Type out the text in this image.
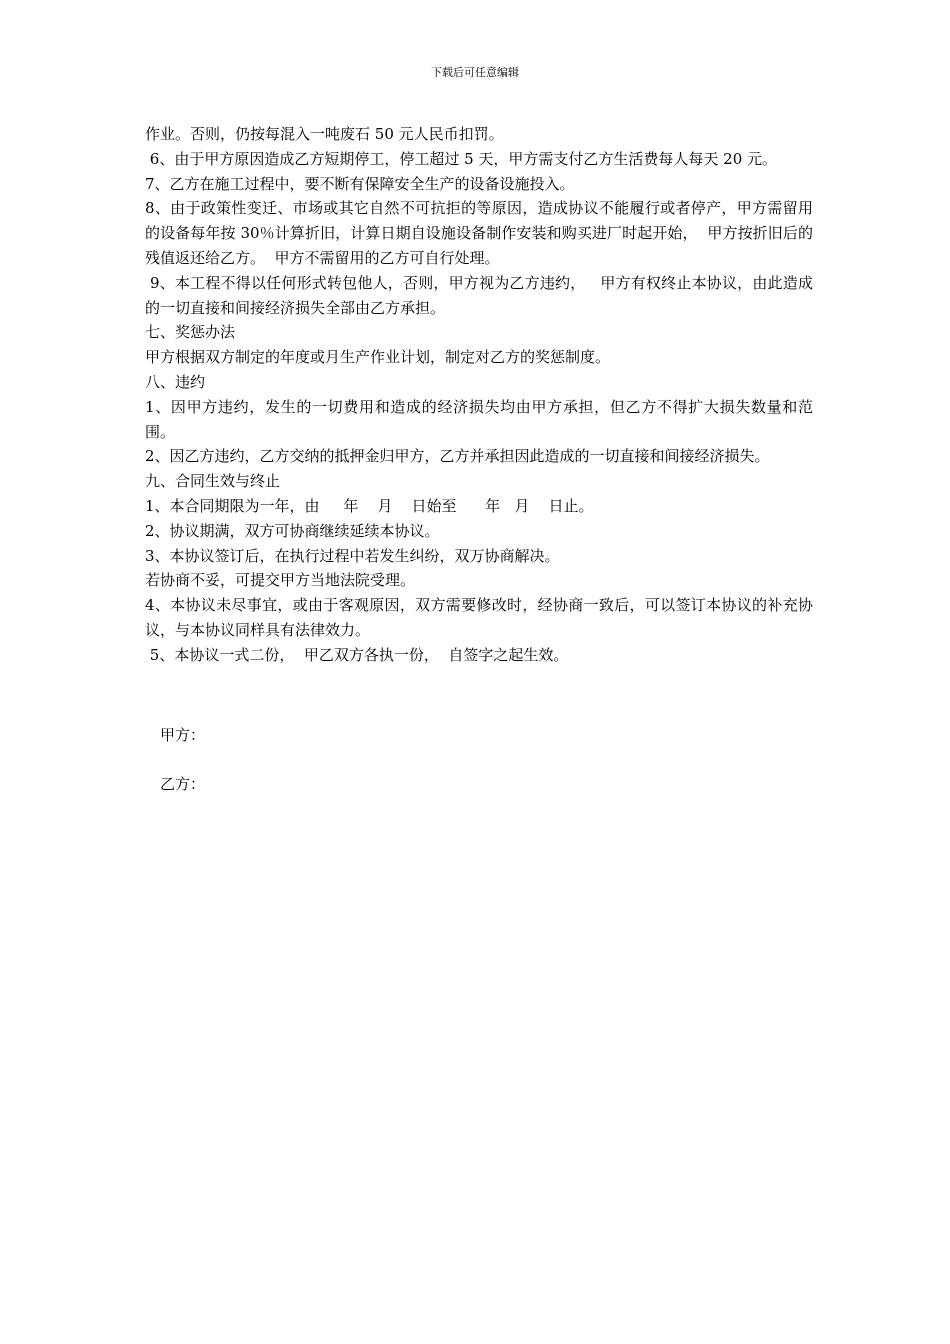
下载后可任意编辑

作业。否则，仍按每混入一吨废石 50 元人民币扣罚。

6、由于甲方原因造成乙方短期停工，停工超过 5 天，甲方需支付乙方生活费每人每天 20 元。

7、乙方在施工过程中，要不断有保障安全生产的设备设施投入。

8、由于政策性变迁、市场或其它自然不可抗拒的等原因，造成协议不能履行或者停产，甲方需留用的设备每年按 30％计算折旧，计算日期自设施设备制作安装和购买进厂时起开始，  甲方按折旧后的残值返还给乙方。  甲方不需留用的乙方可自行处理。

9、本工程不得以任何形式转包他人，否则，甲方视为乙方违约，   甲方有权终止本协议，由此造成的一切直接和间接经济损失全部由乙方承担。

七、奖惩办法

甲方根据双方制定的年度或月生产作业计划，制定对乙方的奖惩制度。

八、违约

1、因甲方违约，发生的一切费用和造成的经济损失均由甲方承担，但乙方不得扩大损失数量和范围。

2、因乙方违约，乙方交纳的抵押金归甲方，乙方并承担因此造成的一切直接和间接经济损失。

九、合同生效与终止

1、本合同期限为一年，由     年    月    日始至      年   月    日止。

2、协议期满，双方可协商继续延续本协议。

3、本协议签订后，在执行过程中若发生纠纷，双万协商解决。

若协商不妥，可提交甲方当地法院受理。

4、本协议未尽事宜，或由于客观原因，双方需要修改时，经协商一致后，可以签订本协议的补充协议，与本协议同样具有法律效力。

5、本协议一式二份，  甲乙双方各执一份，  自签字之起生效。

甲方：
乙方：
